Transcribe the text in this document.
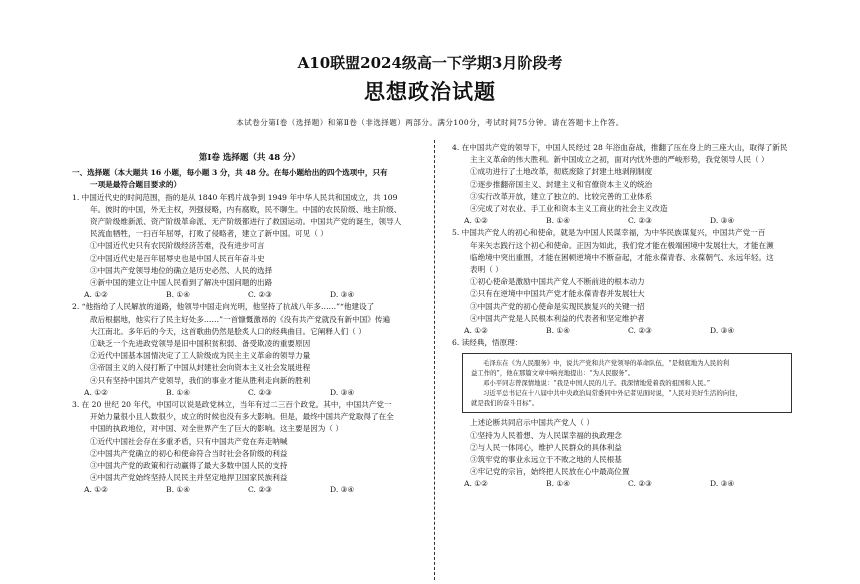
A10联盟2024级高一下学期3月阶段考
思想政治试题
本试卷分第Ⅰ卷（选择题）和第Ⅱ卷（非选择题）两部分。满分100分，考试时间75分钟。请在答题卡上作答。
第Ⅰ卷 选择题（共 48 分）
一、选择题（本大题共 16 小题，每小题 3 分，共 48 分。在每小题给出的四个选项中，只有
一项是最符合题目要求的）
1. 中国近代史的时间范围，指的是从 1840 年鸦片战争到 1949 年中华人民共和国成立，共 109
年。彼时的中国，外无主权，列强侵略，内有腐败，民不聊生。中国的农民阶级、地主阶级、
资产阶级维新派、资产阶级革命派、无产阶级都进行了救国运动。中国共产党的诞生，领导人
民流血牺牲，一扫百年屈辱，打败了侵略者，建立了新中国。可见（ ）
①中国近代史只有农民阶级经济苦难，没有进步可言
②中国近代史是百年屈辱史也是中国人民百年奋斗史
③中国共产党领导地位的确立是历史必然、人民的选择
④新中国的建立让中国人民看到了解决中国问题的出路
A. ①②	B. ①④	C. ②③	D. ③④
2. “他指给了人民解放的道路，他领导中国走向光明，他坚持了抗战八年多……”“他建设了
敌后根据地，他实行了民主好处多……”一首慷慨激昂的《没有共产党就没有新中国》传遍
大江南北。多年后的今天，这首歌曲仍然是脍炙人口的经典曲目。它阐释人们（ ）
①缺乏一个先进政党领导是旧中国积贫积弱、备受欺凌的重要原因
②近代中国基本国情决定了工人阶级成为民主主义革命的领导力量
③帝国主义的入侵打断了中国从封建社会向资本主义社会发展进程
④只有坚持中国共产党领导，我们的事业才能从胜利走向新的胜利
A. ①②	B. ①④	C. ②③	D. ③④
3. 在 20 世纪 20 年代，中国可以说是政党林立，当年有过二三百个政党。其中，中国共产党一
开始力量很小且人数很少，成立的时候也没有多大影响。但是，最终中国共产党取得了在全
中国的执政地位，对中国、对全世界产生了巨大的影响。这主要是因为（ ）
①近代中国社会存在多重矛盾，只有中国共产党在奔走呐喊
②中国共产党确立的初心和使命符合当时社会各阶级的利益
③中国共产党的政策和行动赢得了最大多数中国人民的支持
④中国共产党始终坚持人民民主并坚定地捍卫国家民族利益
A. ①②	B. ①④	C. ②③	D. ③④
4. 在中国共产党的领导下，中国人民经过 28 年浴血奋战，推翻了压在身上的三座大山，取得了新民
主主义革命的伟大胜利。新中国成立之初，面对内忧外患的严峻形势，我党领导人民（ ）
①成功进行了土地改革，彻底废除了封建土地剥削制度
②逐步推翻帝国主义、封建主义和官僚资本主义的统治
③实行改革开放，建立了独立的、比较完善的工业体系
④完成了对农业、手工业和资本主义工商业的社会主义改造
A. ①②	B. ①④	C. ②③	D. ③④
5. 中国共产党人的初心和使命，就是为中国人民谋幸福，为中华民族谋复兴，中国共产党一百
年来矢志践行这个初心和使命。正因为如此，我们党才能在极端困境中发展壮大，才能在濒
临绝境中突出重围，才能在困顿逆境中不断奋起，才能永葆青春、永葆朝气、永远年轻。这
表明（ ）
①初心使命是激励中国共产党人不断前进的根本动力
②只有在逆境中中国共产党才能永葆青春并发展壮大
③中国共产党的初心使命是实现民族复兴的关键一招
④中国共产党是人民根本利益的代表者和坚定维护者
A. ①②	B. ①④	C. ②③	D. ③④
6. 读经典，悟原理：
毛泽东在《为人民服务》中，说共产党和共产党领导的革命队伍，“是彻底地为人民的利
益工作的”，他在那篇文章中响亮地提出：“为人民服务”。
邓小平同志曾深情地说：“我是中国人民的儿子。我深情地爱着我的祖国和人民。”
习近平总书记在十八届中共中央政治局常委同中外记者见面时说，“人民对美好生活的向往，
就是我们的奋斗目标”。
上述论断共同启示中国共产党人（ ）
①坚持为人民着想、为人民谋幸福的执政理念
②与人民一体同心，维护人民群众的具体利益
③筑牢党的事业永远立于不败之地的人民根基
④牢记党的宗旨，始终把人民放在心中最高位置
A. ①②	B. ①④	C. ②③	D. ③④
